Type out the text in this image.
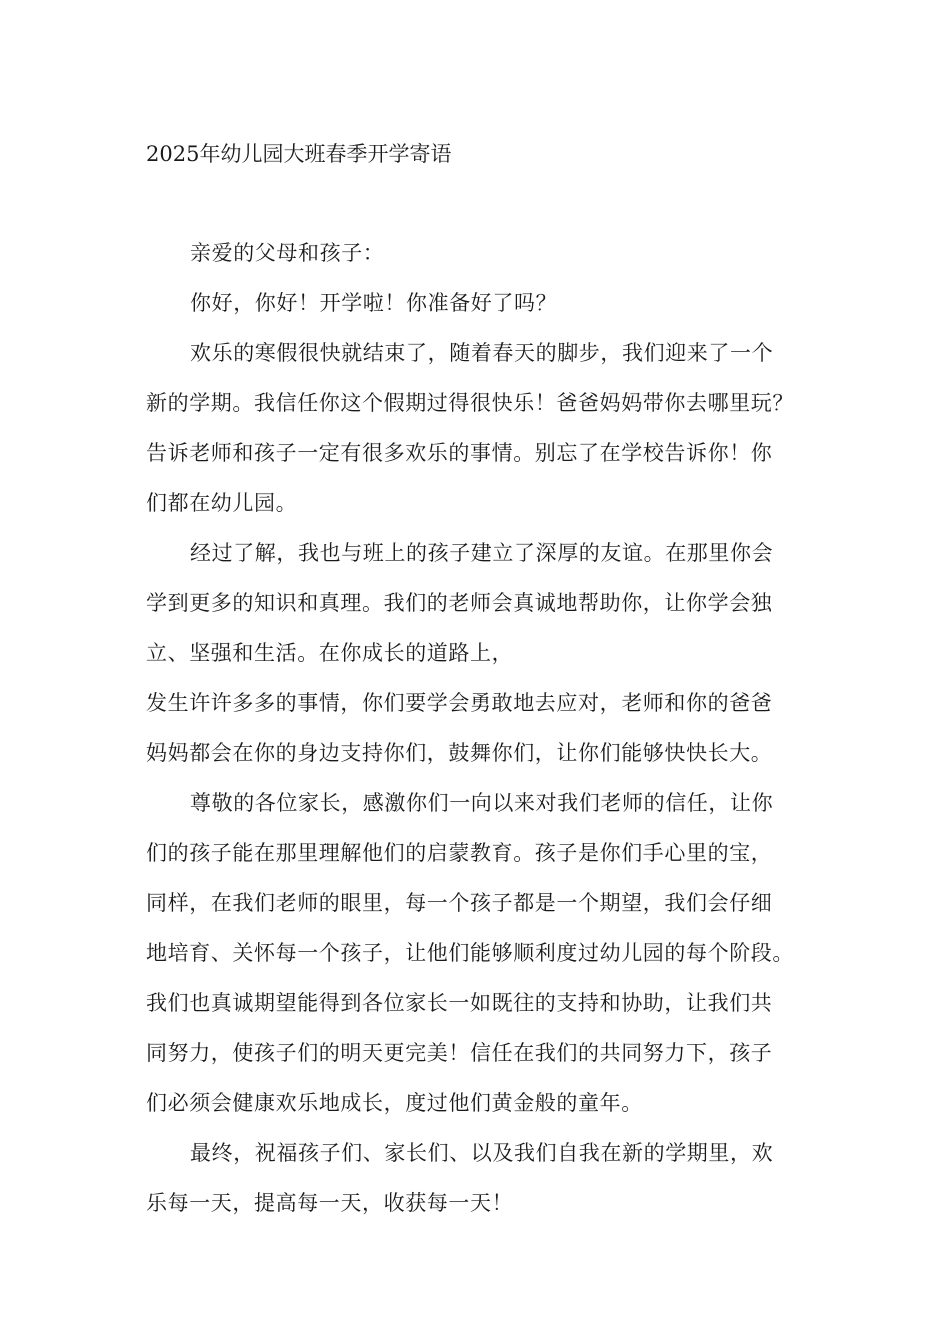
2025年幼儿园大班春季开学寄语
亲爱的父母和孩子：
你好，你好！开学啦！你准备好了吗？
欢乐的寒假很快就结束了，随着春天的脚步，我们迎来了一个
新的学期。我信任你这个假期过得很快乐！爸爸妈妈带你去哪里玩？
告诉老师和孩子一定有很多欢乐的事情。别忘了在学校告诉你！你
们都在幼儿园。
经过了解，我也与班上的孩子建立了深厚的友谊。在那里你会
学到更多的知识和真理。我们的老师会真诚地帮助你，让你学会独
立、坚强和生活。在你成长的道路上，
发生许许多多的事情，你们要学会勇敢地去应对，老师和你的爸爸
妈妈都会在你的身边支持你们，鼓舞你们，让你们能够快快长大。
尊敬的各位家长，感激你们一向以来对我们老师的信任，让你
们的孩子能在那里理解他们的启蒙教育。孩子是你们手心里的宝，
同样，在我们老师的眼里，每一个孩子都是一个期望，我们会仔细
地培育、关怀每一个孩子，让他们能够顺利度过幼儿园的每个阶段。
我们也真诚期望能得到各位家长一如既往的支持和协助，让我们共
同努力，使孩子们的明天更完美！信任在我们的共同努力下，孩子
们必须会健康欢乐地成长，度过他们黄金般的童年。
最终，祝福孩子们、家长们、以及我们自我在新的学期里，欢
乐每一天，提高每一天，收获每一天！
